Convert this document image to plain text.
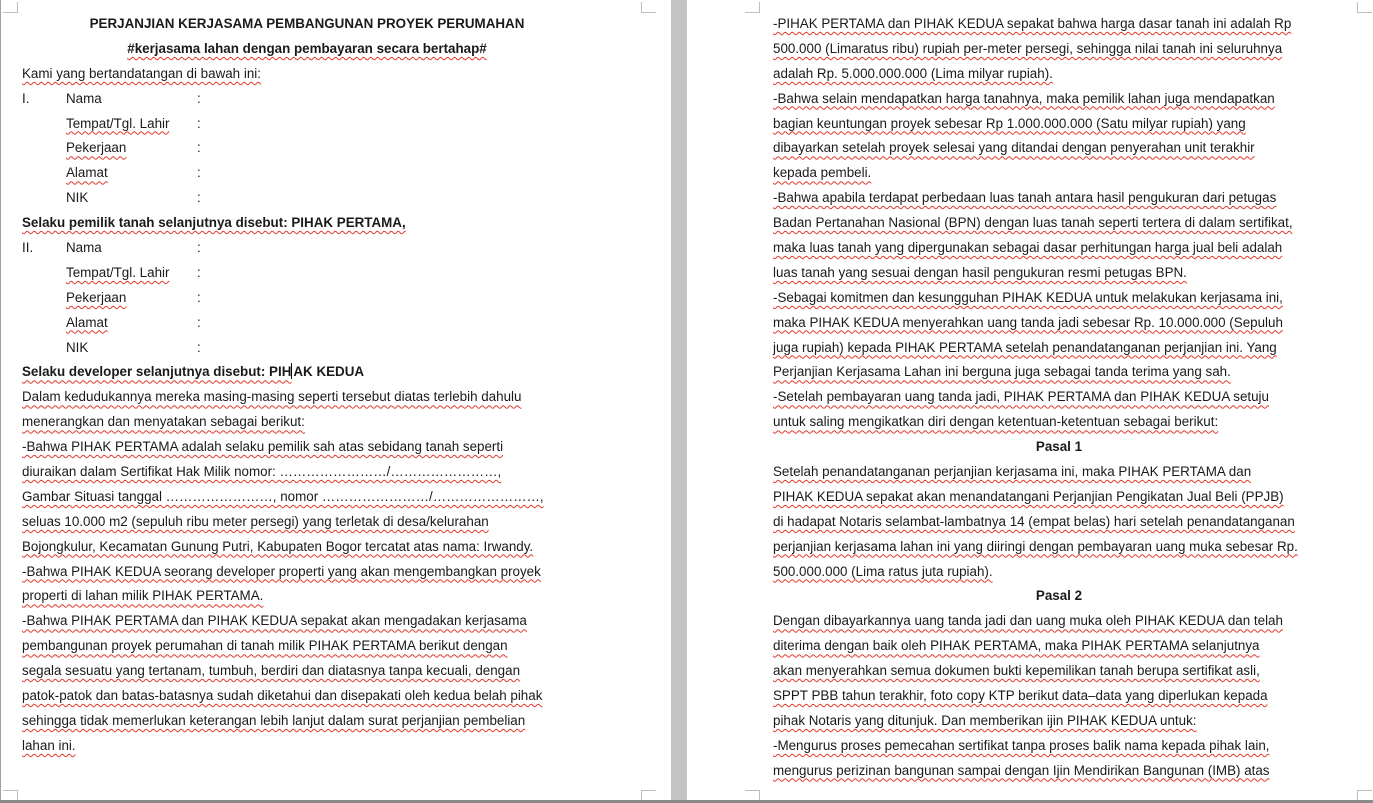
PERJANJIAN KERJASAMA PEMBANGUNAN PROYEK PERUMAHAN
#kerjasama lahan dengan pembayaran secara bertahap#
Kami yang bertandatangan di bawah ini:
I.	Nama	:
Tempat/Tgl. Lahir	:
Pekerjaan	:
Alamat	:
NIK	:
Selaku pemilik tanah selanjutnya disebut: PIHAK PERTAMA,
II.	Nama	:
Tempat/Tgl. Lahir	:
Pekerjaan	:
Alamat	:
NIK	:
Selaku developer selanjutnya disebut: PIH AK KEDUA
Dalam kedudukannya mereka masing-masing seperti tersebut diatas terlebih dahulu
menerangkan dan menyatakan sebagai berikut:
-Bahwa PIHAK PERTAMA adalah selaku pemilik sah atas sebidang tanah seperti
diuraikan dalam Sertifikat Hak Milik nomor: ……………………/……………………,
Gambar Situasi tanggal ……………………, nomor ……………………/……………………,
seluas 10.000 m2 (sepuluh ribu meter persegi) yang terletak di desa/kelurahan
Bojongkulur, Kecamatan Gunung Putri, Kabupaten Bogor tercatat atas nama: Irwandy.
-Bahwa PIHAK KEDUA seorang developer properti yang akan mengembangkan proyek
properti di lahan milik PIHAK PERTAMA.
-Bahwa PIHAK PERTAMA dan PIHAK KEDUA sepakat akan mengadakan kerjasama
pembangunan proyek perumahan di tanah milik PIHAK PERTAMA berikut dengan
segala sesuatu yang tertanam, tumbuh, berdiri dan diatasnya tanpa kecuali, dengan
patok-patok dan batas-batasnya sudah diketahui dan disepakati oleh kedua belah pihak
sehingga tidak memerlukan keterangan lebih lanjut dalam surat perjanjian pembelian
lahan ini.
-PIHAK PERTAMA dan PIHAK KEDUA sepakat bahwa harga dasar tanah ini adalah Rp
500.000 (Limaratus ribu) rupiah per-meter persegi, sehingga nilai tanah ini seluruhnya
adalah Rp. 5.000.000.000 (Lima milyar rupiah).
-Bahwa selain mendapatkan harga tanahnya, maka pemilik lahan juga mendapatkan
bagian keuntungan proyek sebesar Rp 1.000.000.000 (Satu milyar rupiah) yang
dibayarkan setelah proyek selesai yang ditandai dengan penyerahan unit terakhir
kepada pembeli.
-Bahwa apabila terdapat perbedaan luas tanah antara hasil pengukuran dari petugas
Badan Pertanahan Nasional (BPN) dengan luas tanah seperti tertera di dalam sertifikat,
maka luas tanah yang dipergunakan sebagai dasar perhitungan harga jual beli adalah
luas tanah yang sesuai dengan hasil pengukuran resmi petugas BPN.
-Sebagai komitmen dan kesungguhan PIHAK KEDUA untuk melakukan kerjasama ini,
maka PIHAK KEDUA menyerahkan uang tanda jadi sebesar Rp. 10.000.000 (Sepuluh
juga rupiah) kepada PIHAK PERTAMA setelah penandatanganan perjanjian ini. Yang
Perjanjian Kerjasama Lahan ini berguna juga sebagai tanda terima yang sah.
-Setelah pembayaran uang tanda jadi, PIHAK PERTAMA dan PIHAK KEDUA setuju
untuk saling mengikatkan diri dengan ketentuan-ketentuan sebagai berikut:
Pasal 1
Setelah penandatanganan perjanjian kerjasama ini, maka PIHAK PERTAMA dan
PIHAK KEDUA sepakat akan menandatangani Perjanjian Pengikatan Jual Beli (PPJB)
di hadapat Notaris selambat-lambatnya 14 (empat belas) hari setelah penandatanganan
perjanjian kerjasama lahan ini yang diiringi dengan pembayaran uang muka sebesar Rp.
500.000.000 (Lima ratus juta rupiah).
Pasal 2
Dengan dibayarkannya uang tanda jadi dan uang muka oleh PIHAK KEDUA dan telah
diterima dengan baik oleh PIHAK PERTAMA, maka PIHAK PERTAMA selanjutnya
akan menyerahkan semua dokumen bukti kepemilikan tanah berupa sertifikat asli,
SPPT PBB tahun terakhir, foto copy KTP berikut data–data yang diperlukan kepada
pihak Notaris yang ditunjuk. Dan memberikan ijin PIHAK KEDUA untuk:
-Mengurus proses pemecahan sertifikat tanpa proses balik nama kepada pihak lain,
mengurus perizinan bangunan sampai dengan Ijin Mendirikan Bangunan (IMB) atas
